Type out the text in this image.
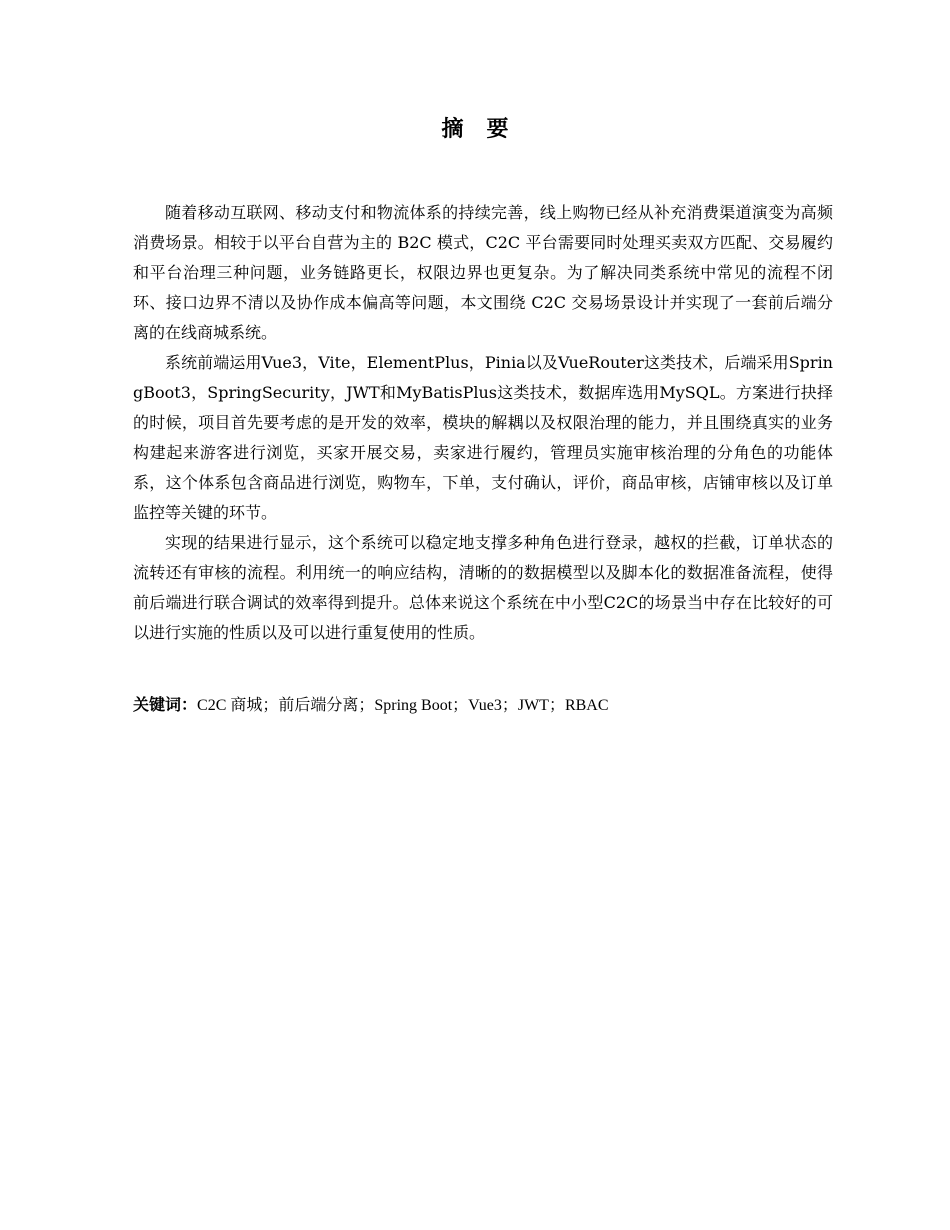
摘 要

随着移动互联网、移动支付和物流体系的持续完善，线上购物已经从补充消费渠道演变为高频消费场景。相较于以平台自营为主的 B2C 模式，C2C 平台需要同时处理买卖双方匹配、交易履约和平台治理三种问题，业务链路更长，权限边界也更复杂。为了解决同类系统中常见的流程不闭环、接口边界不清以及协作成本偏高等问题，本文围绕 C2C 交易场景设计并实现了一套前后端分离的在线商城系统。

系统前端运用Vue3，Vite，ElementPlus，Pinia以及VueRouter这类技术，后端采用SpringBoot3，SpringSecurity，JWT和MyBatisPlus这类技术，数据库选用MySQL。方案进行抉择的时候，项目首先要考虑的是开发的效率，模块的解耦以及权限治理的能力，并且围绕真实的业务构建起来游客进行浏览，买家开展交易，卖家进行履约，管理员实施审核治理的分角色的功能体系，这个体系包含商品进行浏览，购物车，下单，支付确认，评价，商品审核，店铺审核以及订单监控等关键的环节。

实现的结果进行显示，这个系统可以稳定地支撑多种角色进行登录，越权的拦截，订单状态的流转还有审核的流程。利用统一的响应结构，清晰的的数据模型以及脚本化的数据准备流程，使得前后端进行联合调试的效率得到提升。总体来说这个系统在中小型C2C的场景当中存在比较好的可以进行实施的性质以及可以进行重复使用的性质。

关键词：C2C 商城；前后端分离；Spring Boot；Vue3；JWT；RBAC
